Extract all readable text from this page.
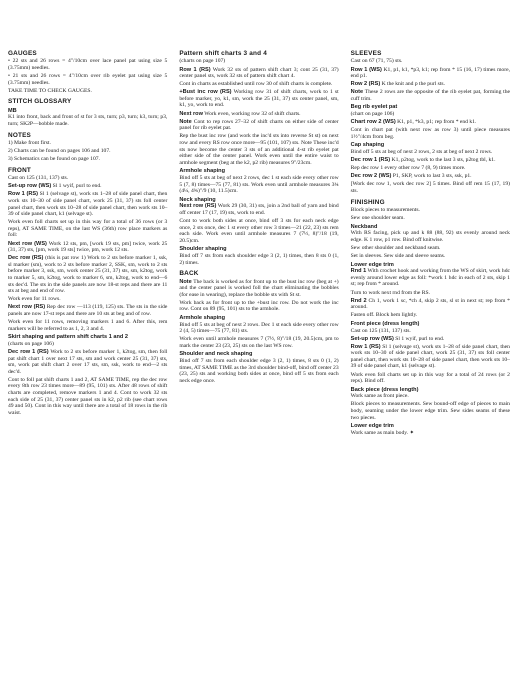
GAUGES
• 22 sts and 26 rows = 4"/10cm over lace panel pat using size 5 (3.75mm) needles.
• 21 sts and 26 rows = 4"/10cm over rib eyelet pat using size 5 (3.75mm) needles.
TAKE TIME TO CHECK GAUGES.
STITCH GLOSSARY
MB
K1 into front, back and front of st for 3 sts, turn; p3, turn; k3, turn; p3, turn; SK2P—bobble made.
NOTES
1) Make front first.
2) Charts can be found on pages 106 and 107.
3) Schematics can be found on page 107.
FRONT
Cast on 125 (131, 137) sts.
Set-up row (WS) Sl 1 wyif, purl to end.
Row 1 (RS) Sl 1 (selvage st), work sts 1–28 of side panel chart, then work sts 10–30 of side panel chart, work 25 (31, 37) sts foll center panel chart, then work sts 10–28 of side panel chart, then work sts 10–39 of side panel chart, k1 (selvage st).
Work even foll charts set up in this way for a total of 36 rows (or 3 reps), AT SAME TIME, on the last WS (36th) row place markers as foll:
Next row (WS) Work 12 sts, pm, [work 19 sts, pm] twice, work 25 (31, 37) sts, [pm, work 19 sts] twice, pm, work 12 sts.
Dec row (RS) (this is pat row 1) Work to 2 sts before marker 1, ssk, sl marker (sm), work to 2 sts before marker 2, SSK, sm, work to 2 sts before marker 3, ssk, sm, work center 25 (31, 37) sts, sm, k2tog, work to marker 5, sm, k2tog, work to marker 6, sm, k2tog, work to end—6 sts dec'd. The sts in the side panels are now 18-st reps and there are 11 sts at beg and end of row.
Work even for 11 rows.
Next row (RS) Rep dec row —113 (119, 125) sts. The sts in the side panels are now 17-st reps and there are 10 sts at beg and of row.
Work even for 11 rows, removing markers 1 and 6. After this, rem markers will be referred to as 1, 2, 3 and 4.
Skirt shaping and pattern shift charts 1 and 2
(charts on page 106)
Dec row 1 (RS) Work to 2 sts before marker 1, k2tog, sm, then foll pat shift chart 1 over next 17 sts, sm and work center 25 (31, 37) sts, sm, work pat shift chart 2 over 17 sts, sm, ssk, work to end—2 sts dec'd.
Cont to foll pat shift charts 1 and 2, AT SAME TIME, rep the dec row every 8th row 23 times more—89 (95, 101) sts. After 48 rows of shift charts are completed, remove markers 1 and 4. Cont to work 32 sts each side of 25 (31, 37) center panel sts in k2, p2 rib (see chart rows 49 and 50). Cont in this way until there are a total of 18 rows in the rib waist.
Pattern shift charts 3 and 4
(charts on page 107)
Row 1 (RS) Work 32 sts of pattern shift chart 3; cont 25 (31, 37) center panel sts, work 32 sts of pattern shift chart 4.
Cont in charts as established until row 30 of shift charts is complete.
+Bust inc row (RS) Working row 31 of shift charts, work to 1 st before marker, yo, k1, sm, work the 25 (31, 37) sts center panel, sm, k1, yo, work to end.
Next row Work even, working row 32 of shift charts.
Note Cont to rep rows 27–32 of shift charts on either side of center panel for rib eyelet pat.
Rep the bust inc row (and work the inc'd sts into reverse St st) on next row and every RS row once more—95 (101, 107) sts. Note These inc'd sts now become the center 3 sts of an additional 4-st rib eyelet pat either side of the center panel. Work even until the entire waist to armhole segment (beg at the k2, p2 rib) measures 9"/23cm.
Armhole shaping
Bind off 5 sts at beg of next 2 rows, dec 1 st each side every other row 5 (7, 8) times—75 (77, 81) sts. Work even until armhole measures 3¾ (4¼, 4¾)"/9 (10, 11.5)cm.
Neck shaping
Next row (RS) Work 29 (30, 31) sts, join a 2nd ball of yarn and bind off center 17 (17, 19) sts, work to end.
Cont to work both sides at once, bind off 3 sts for each neck edge once, 2 sts once, dec 1 st every other row 3 times—21 (22, 23) sts rem each side. Work even until armhole measures 7 (7½, 8)"/18 (19, 20.5)cm.
Shoulder shaping
Bind off 7 sts from each shoulder edge 3 (2, 1) times, then 8 sts 0 (1, 2) times.
BACK
Note The back is worked as for front up to the bust inc row (beg at +) and the center panel is worked foll the chart eliminating the bobbles (for ease in wearing), replace the bobble sts with St st.
Work back as for front up to the +bust inc row. Do not work the inc row. Cont on 89 (95, 101) sts to the armhole.
Armhole shaping
Bind off 5 sts at beg of next 2 rows. Dec 1 st each side every other row 2 (4, 5) times—75 (77, 81) sts.
Work even until armhole measures 7 (7½, 8)"/18 (19, 20.5)cm, pm to mark the center 23 (23, 25) sts on the last WS row.
Shoulder and neck shaping
Bind off 7 sts from each shoulder edge 3 (2, 1) times, 8 sts 0 (1, 2) times, AT SAME TIME as the 3rd shoulder bind-off, bind off center 23 (23, 25) sts and working both sides at once, bind off 5 sts from each neck edge once.
SLEEVES
Cast on 67 (71, 75) sts.
Row 1 (WS) K1, p1, k1, *p3, k1; rep from * 15 (16, 17) times more, end p1.
Row 2 (RS) K the knit and p the purl sts.
Note These 2 rows are the opposite of the rib eyelet pat, forming the cuff trim.
Beg rib eyelet pat
(chart on page 106)
Chart row 2 (WS) K1, p1, *k3, p1; rep from * end k1.
Cont in chart pat (with next row as row 3) until piece measures 1½"/4cm from beg.
Cap shaping
Bind off 5 sts at beg of next 2 rows, 2 sts at beg of next 2 rows.
Dec row 1 (RS) K1, p2tog, work to the last 3 sts, p2tog tbl, k1.
Rep dec row 1 every other row 7 (8, 9) times more.
Dec row 2 (WS) P1, SKP, work to last 3 sts, ssk, p1.
[Work dec row 1, work dec row 2] 5 times. Bind off rem 15 (17, 19) sts.
FINISHING
Block pieces to measurements.
Sew one shoulder seam.
Neckband
With RS facing, pick up and k 88 (88, 92) sts evenly around neck edge. K 1 row, p1 row. Bind off knitwise.
Sew other shoulder and neckband seam.
Set in sleeves. Sew side and sleeve seams.
Lower edge trim
Rnd 1 With crochet hook and working from the WS of skirt, work hdc evenly around lower edge as foll: *work 1 hdc in each of 2 sts, skip 1 st; rep from * around.
Turn to work next rnd from the RS.
Rnd 2 Ch 1, work 1 sc, *ch 4, skip 2 sts, sl st in next st; rep from * around.
Fasten off. Block hem lightly.
Front piece (dress length)
Cast on 125 (131, 137) sts.
Set-up row (WS) Sl 1 wyif, purl to end.
Row 1 (RS) Sl 1 (selvage st), work sts 1–28 of side panel chart, then work sts 10–30 of side panel chart, work 25 (31, 37) sts foll center panel chart, then work sts 10–28 of side panel chart, then work sts 10–39 of side panel chart, k1 (selvage st).
Work even foll charts set up in this way for a total of 24 rows (or 2 reps). Bind off.
Back piece (dress length)
Work same as front piece.
Block pieces to measurements. Sew bound-off edge of pieces to main body, seaming under the lower edge trim. Sew sides seams of these two pieces.
Lower edge trim
Work same as main body. ✦
